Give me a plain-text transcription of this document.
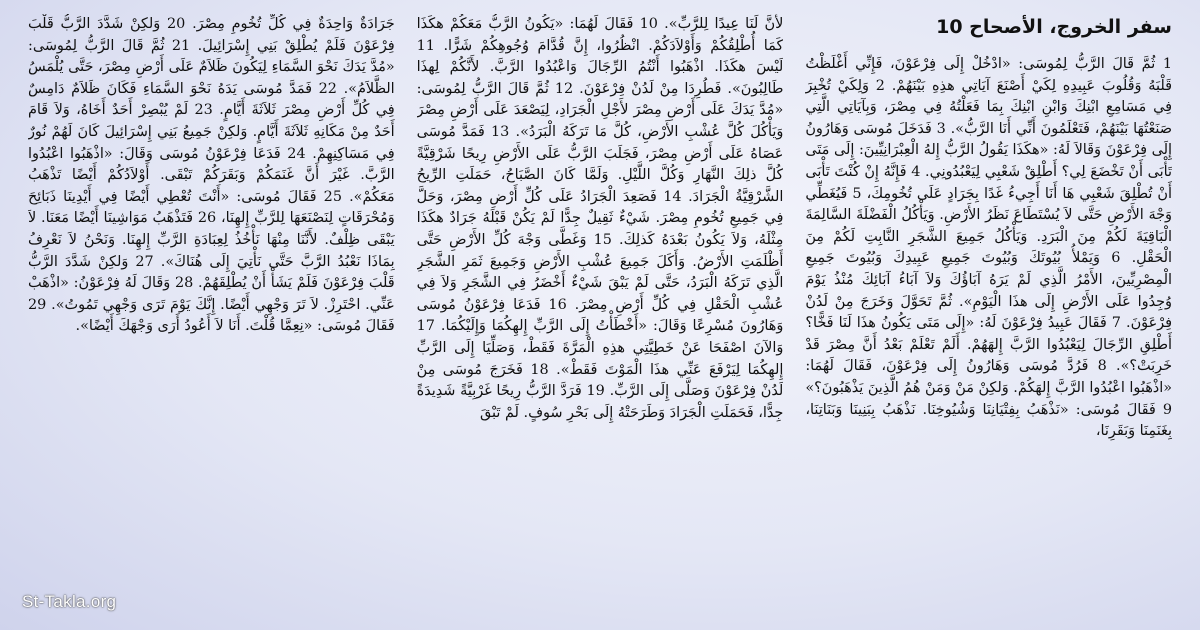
سفر الخروج، الأصحاح 10

1 ثُمَّ قَالَ الرَّبُّ لِمُوسَى: «ادْخُلْ إِلَى فِرْعَوْنَ، فَإِنِّي أَغْلَظْتُ قَلْبَهُ وَقُلُوبَ عَبِيدِهِ لِكَيْ أَصْنَعَ آيَاتِي هذِهِ بَيْنَهُمْ. 2 وَلِكَيْ تُخْبِرَ فِي مَسَامِعِ ابْنِكَ وَابْنِ ابْنِكَ بِمَا فَعَلْتُهُ فِي مِصْرَ، وَبِآيَاتِي الَّتِي صَنَعْتُهَا بَيْنَهُمْ، فَتَعْلَمُونَ أَنِّي أَنَا الرَّبُّ». 3 فَدَخَلَ مُوسَى وَهَارُونُ إِلَى فِرْعَوْنَ وَقَالاَ لَهُ: «هكَذَا يَقُولُ الرَّبُّ إِلهُ الْعِبْرَانِيِّينَ: إِلَى مَتَى تَأْبَى أَنْ تَخْضَعَ لِي؟ أَطْلِقْ شَعْبِي لِيَعْبُدُونِي. 4 فَإِنَّهُ إِنْ كُنْتَ تَأْبَى أَنْ تُطْلِقَ شَعْبِي هَا أَنَا أَجِيءُ غَدًا بِجَرَادٍ عَلَى تُخُومِكَ، 5 فَيُغَطِّي وَجْهَ الأَرْضِ حَتَّى لاَ يُسْتَطَاعَ نَظَرُ الأَرْضِ. وَيَأْكُلُ الْفَضْلَةَ السَّالِمَةَ الْبَاقِيَةَ لَكُمْ مِنَ الْبَرَدِ. وَيَأْكُلُ جَمِيعَ الشَّجَرِ النَّابِتِ لَكُمْ مِنَ الْحَقْلِ. 6 وَيَمْلأُ بُيُوتَكَ وَبُيُوتَ جَمِيعِ عَبِيدِكَ وَبُيُوتَ جَمِيعِ الْمِصْرِيِّينَ، الأَمْرُ الَّذِي لَمْ يَرَهُ آبَاؤُكَ وَلاَ آبَاءُ آبَائِكَ مُنْذُ يَوْمَ وُجِدُوا عَلَى الأَرْضِ إِلَى هذَا الْيَوْمِ». ثُمَّ تَحَوَّلَ وَخَرَجَ مِنْ لَدُنْ فِرْعَوْنَ. 7 فَقَالَ عَبِيدُ فِرْعَوْنَ لَهُ: «إِلَى مَتَى يَكُونُ هذَا لَنَا فَخًّا؟ أَطْلِقِ الرِّجَالَ لِيَعْبُدُوا الرَّبَّ إِلهَهُمْ. أَلَمْ تَعْلَمْ بَعْدُ أَنَّ مِصْرَ قَدْ خَرِبَتْ؟». 8 فَرُدَّ مُوسَى وَهَارُونُ إِلَى فِرْعَوْنَ، فَقَالَ لَهُمَا: «اذْهَبُوا اعْبُدُوا الرَّبَّ إِلهَكُمْ. وَلكِنْ مَنْ وَمَنْ هُمُ الَّذِينَ يَذْهَبُونَ؟» 9 فَقَالَ مُوسَى: «نَذْهَبُ بِفِتْيَانِنَا وَشُيُوخِنَا. نَذْهَبُ بِبَنِينَا وَبَنَاتِنَا، بِغَنَمِنَا وَبَقَرِنَا،

لأَنَّ لَنَا عِيدًا لِلرَّبِّ». 10 فَقَالَ لَهُمَا: «يَكُونُ الرَّبُّ مَعَكُمْ هكَذَا كَمَا أُطْلِقُكُمْ وَأَوْلاَدَكُمْ. انْظُرُوا، إِنَّ قُدَّامَ وُجُوهِكُمْ شَرًّا. 11 لَيْسَ هكَذَا. اذْهَبُوا أَنْتُمُ الرِّجَالَ وَاعْبُدُوا الرَّبَّ. لأَنَّكُمْ لِهذَا طَالِبُونَ». فَطُرِدَا مِنْ لَدُنْ فِرْعَوْنَ. 12 ثُمَّ قَالَ الرَّبُّ لِمُوسَى: «مُدَّ يَدَكَ عَلَى أَرْضِ مِصْرَ لأَجْلِ الْجَرَادِ، لِيَصْعَدَ عَلَى أَرْضِ مِصْرَ وَيَأْكُلَ كُلَّ عُشْبِ الأَرْضِ، كُلَّ مَا تَرَكَهُ الْبَرَدُ». 13 فَمَدَّ مُوسَى عَصَاهُ عَلَى أَرْضِ مِصْرَ، فَجَلَبَ الرَّبُّ عَلَى الأَرْضِ رِيحًا شَرْقِيَّةً كُلَّ ذلِكَ النَّهَارِ وَكُلَّ اللَّيْلِ. وَلَمَّا كَانَ الصَّبَاحُ، حَمَلَتِ الرِّيحُ الشَّرْقِيَّةُ الْجَرَادَ. 14 فَصَعِدَ الْجَرَادُ عَلَى كُلِّ أَرْضِ مِصْرَ، وَحَلَّ فِي جَمِيعِ تُخُومِ مِصْرَ. شَيْءٌ ثَقِيلٌ جِدًّا لَمْ يَكُنْ قَبْلَهُ جَرَادٌ هكَذَا مِثْلَهُ، وَلاَ يَكُونُ بَعْدَهُ كَذلِكَ. 15 وَغَطَّى وَجْهَ كُلِّ الأَرْضِ حَتَّى أَظْلَمَتِ الأَرْضُ. وَأَكَلَ جَمِيعَ عُشْبِ الأَرْضِ وَجَمِيعَ ثَمَرِ الشَّجَرِ الَّذِي تَرَكَهُ الْبَرَدُ، حَتَّى لَمْ يَبْقَ شَيْءٌ أَخْضَرُ فِي الشَّجَرِ وَلاَ فِي عُشْبِ الْحَقْلِ فِي كُلِّ أَرْضِ مِصْرَ. 16 فَدَعَا فِرْعَوْنُ مُوسَى وَهَارُونَ مُسْرِعًا وَقَالَ: «أَخْطَأْتُ إِلَى الرَّبِّ إِلهِكُمَا وَإِلَيْكُمَا. 17 وَالآنَ اصْفَحَا عَنْ خَطِيَّتِي هذِهِ الْمَرَّةَ فَقَطْ، وَصَلِّيَا إِلَى الرَّبِّ إِلهِكُمَا لِيَرْفَعَ عَنِّي هذَا الْمَوْتَ فَقَطْ». 18 فَخَرَجَ مُوسَى مِنْ لَدُنْ فِرْعَوْنَ وَصَلَّى إِلَى الرَّبِّ. 19 فَرَدَّ الرَّبُّ رِيحًا غَرْبِيَّةً شَدِيدَةً جِدًّا، فَحَمَلَتِ الْجَرَادَ وَطَرَحَتْهُ إِلَى بَحْرِ سُوفٍ. لَمْ تَبْقَ

جَرَادَةٌ وَاحِدَةٌ فِي كُلِّ تُخُومِ مِصْرَ. 20 وَلكِنْ شَدَّدَ الرَّبُّ قَلْبَ فِرْعَوْنَ فَلَمْ يُطْلِقْ بَنِي إِسْرَائِيلَ. 21 ثُمَّ قَالَ الرَّبُّ لِمُوسَى: «مُدَّ يَدَكَ نَحْوَ السَّمَاءِ لِيَكُونَ ظَلاَمٌ عَلَى أَرْضِ مِصْرَ، حَتَّى يُلْمَسُ الظَّلاَمُ». 22 فَمَدَّ مُوسَى يَدَهُ نَحْوَ السَّمَاءِ فَكَانَ ظَلاَمٌ دَامِسٌ فِي كُلِّ أَرْضِ مِصْرَ ثَلاَثَةَ أَيَّامٍ. 23 لَمْ يُبْصِرْ أَحَدٌ أَخَاهُ، وَلاَ قَامَ أَحَدٌ مِنْ مَكَانِهِ ثَلاَثَةَ أَيَّامٍ. وَلكِنْ جَمِيعُ بَنِي إِسْرَائِيلَ كَانَ لَهُمْ نُورٌ فِي مَسَاكِنِهِمْ. 24 فَدَعَا فِرْعَوْنُ مُوسَى وَقَالَ: «اذْهَبُوا اعْبُدُوا الرَّبَّ. غَيْرَ أَنَّ غَنَمَكُمْ وَبَقَرَكُمْ تَبْقَى. أَوْلاَدُكُمْ أَيْضًا تَذْهَبُ مَعَكُمْ». 25 فَقَالَ مُوسَى: «أَنْتَ تُعْطِي أَيْضًا فِي أَيْدِينَا ذَبَائِحَ وَمُحْرَقَاتٍ لِنَصْنَعَهَا لِلرَّبِّ إِلهِنَا، 26 فَتَذْهَبُ مَوَاشِينَا أَيْضًا مَعَنَا. لاَ يَبْقَى ظِلْفٌ. لأَنَّنَا مِنْهَا نَأْخُذُ لِعِبَادَةِ الرَّبِّ إِلهِنَا. وَنَحْنُ لاَ نَعْرِفُ بِمَاذَا نَعْبُدُ الرَّبَّ حَتَّى نَأْتِيَ إِلَى هُنَاكَ». 27 وَلكِنْ شَدَّدَ الرَّبُّ قَلْبَ فِرْعَوْنَ فَلَمْ يَشَأْ أَنْ يُطْلِقَهُمْ. 28 وَقَالَ لَهُ فِرْعَوْنُ: «اذْهَبْ عَنِّي. احْتَرِزْ. لاَ تَرَ وَجْهِي أَيْضًا. إِنَّكَ يَوْمَ تَرَى وَجْهِي تَمُوتُ». 29 فَقَالَ مُوسَى: «نِعِمَّا قُلْتَ. أَنَا لاَ أَعُودُ أَرَى وَجْهَكَ أَيْضًا».

St-Takla.org
